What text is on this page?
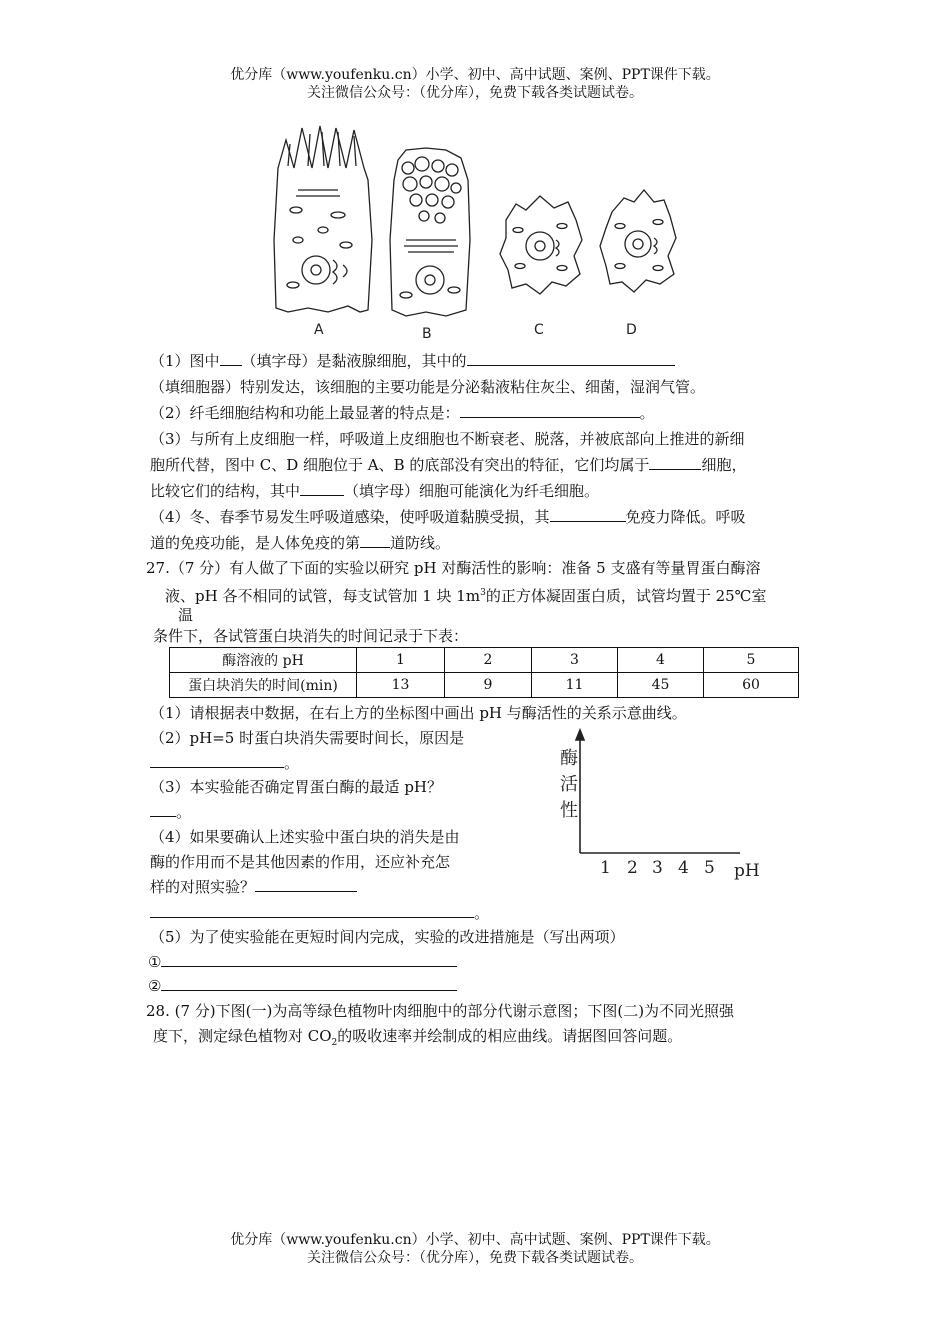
优分库（www.youfenku.cn）小学、初中、高中试题、案例、PPT课件下载。
关注微信公众号：（优分库），免费下载各类试题试卷。
A	B	C	D
（1）图中 （填字母）是黏液腺细胞，其中的
（填细胞器）特别发达，该细胞的主要功能是分泌黏液粘住灰尘、细菌，湿润气管。
（2）纤毛细胞结构和功能上最显著的特点是：	。
（3）与所有上皮细胞一样，呼吸道上皮细胞也不断衰老、脱落，并被底部向上推进的新细
胞所代替，图中 C、D 细胞位于 A、B 的底部没有突出的特征，它们均属于	细胞，
比较它们的结构，其中	（填字母）细胞可能演化为纤毛细胞。
（4）冬、春季节易发生呼吸道感染，使呼吸道黏膜受损，其	免疫力降低。呼吸
道的免疫功能，是人体免疫的第 道防线。
27.（7 分）有人做了下面的实验以研究 pH 对酶活性的影响：准备 5 支盛有等量胃蛋白酶溶
液、pH 各不相同的试管，每支试管加 1 块 $1m^3$的正方体凝固蛋白质，试管均置于 25℃室
温
条件下，各试管蛋白块消失的时间记录于下表：
酶溶液的 pH	1	2	3	4	5
蛋白块消失的时间(min)	13	9	11	45	60
（1）请根据表中数据，在右上方的坐标图中画出 pH 与酶活性的关系示意曲线。
（2）pH=5 时蛋白块消失需要时间长，原因是
。
（3）本实验能否确定胃蛋白酶的最适 pH？
。
（4）如果要确认上述实验中蛋白块的消失是由
酶的作用而不是其他因素的作用，还应补充怎
样的对照实验？
。
（5）为了使实验能在更短时间内完成，实验的改进措施是（写出两项）
①
②
酶
活
性
1 2 3 4 5 pH
28. (7 分)下图(一)为高等绿色植物叶肉细胞中的部分代谢示意图；下图(二)为不同光照强
度下，测定绿色植物对 $CO_2$的吸收速率并绘制成的相应曲线。请据图回答问题。
优分库（www.youfenku.cn）小学、初中、高中试题、案例、PPT课件下载。
关注微信公众号：（优分库），免费下载各类试题试卷。
